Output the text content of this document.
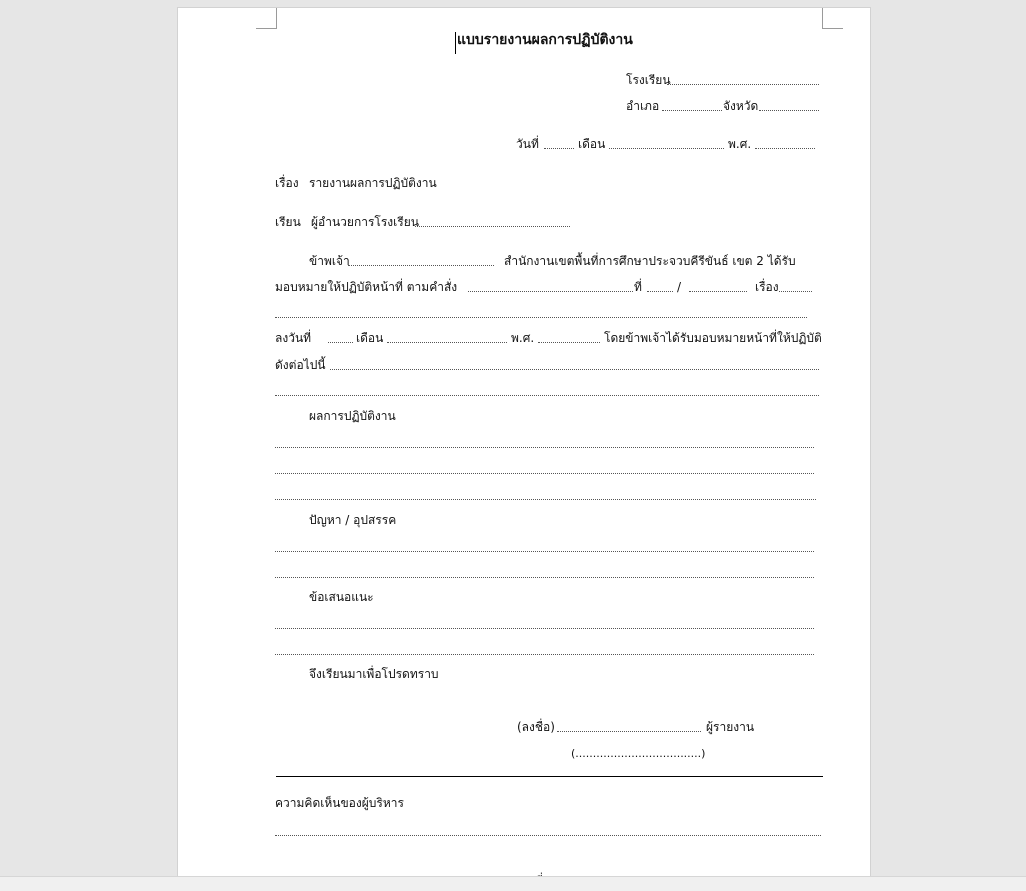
แบบรายงานผลการปฏิบัติงาน
โรงเรียน
อำเภอ	จังหวัด
วันที่	เดือน	พ.ศ.
เรื่อง รายงานผลการปฏิบัติงาน
เรียน ผู้อำนวยการโรงเรียน
ข้าพเจ้า	สำนักงานเขตพื้นที่การศึกษาประจวบคีรีขันธ์ เขต 2 ได้รับ
มอบหมายให้ปฏิบัติหน้าที่ ตามคำสั่ง	ที่	/	เรื่อง
ลงวันที่	เดือน	พ.ศ.	โดยข้าพเจ้าได้รับมอบหมายหน้าที่ให้ปฏิบัติ
ดังต่อไปนี้
ผลการปฏิบัติงาน
ปัญหา / อุปสรรค
ข้อเสนอแนะ
จึงเรียนมาเพื่อโปรดทราบ
(ลงชื่อ)	ผู้รายงาน
(....................................)
ความคิดเห็นของผู้บริหาร
